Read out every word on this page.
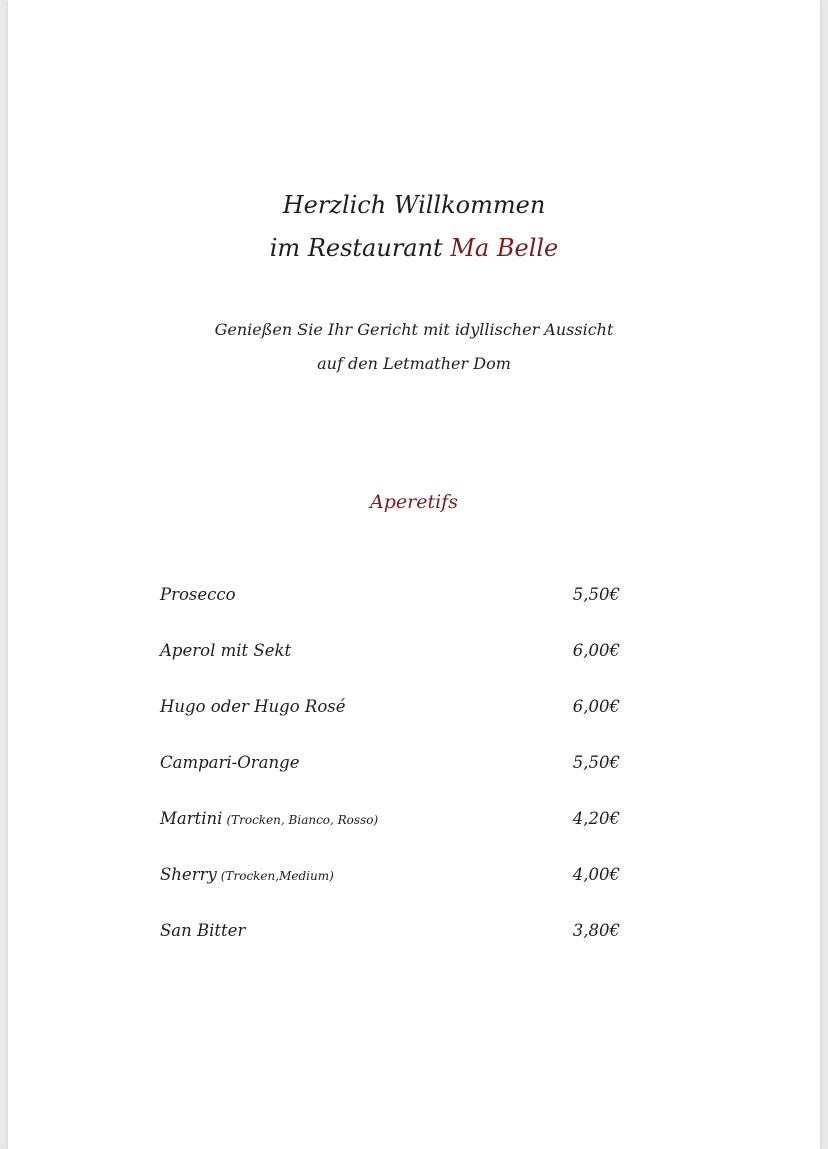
Herzlich Willkommen
im Restaurant Ma Belle
Genießen Sie Ihr Gericht mit idyllischer Aussicht
auf den Letmather Dom
Aperetifs
Prosecco	5,50€
Aperol mit Sekt	6,00€
Hugo oder Hugo Rosé	6,00€
Campari-Orange	5,50€
Martini (Trocken, Bianco, Rosso)	4,20€
Sherry (Trocken,Medium)	4,00€
San Bitter	3,80€
